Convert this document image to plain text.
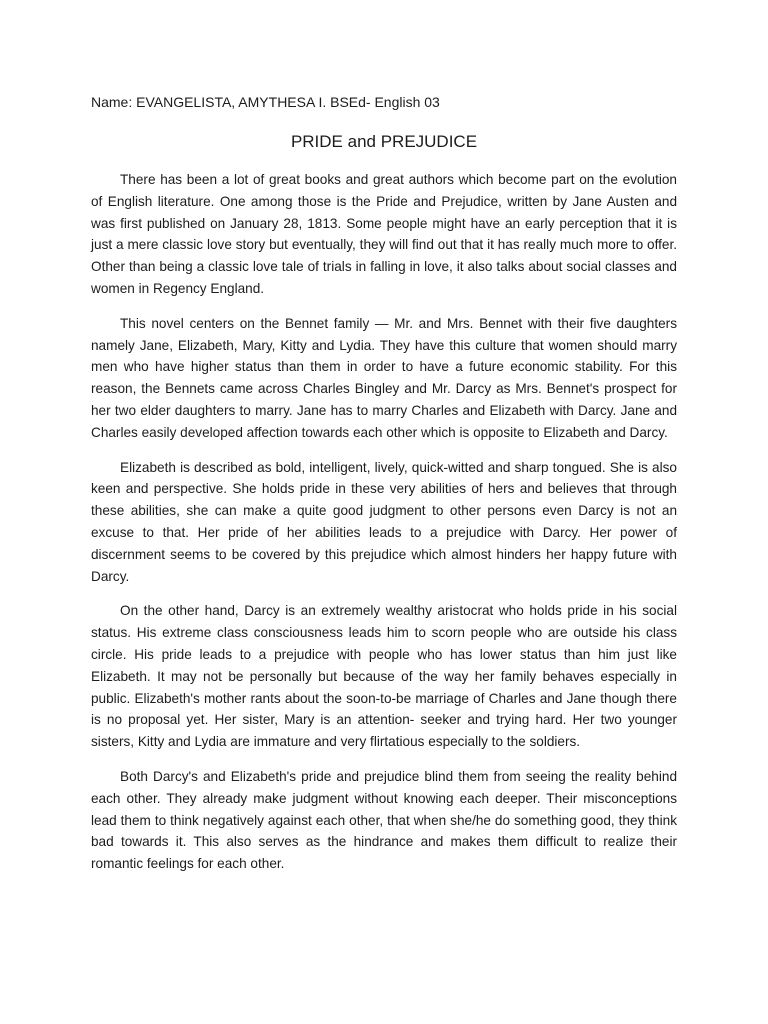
Name: EVANGELISTA, AMYTHESA I. BSEd- English 03
PRIDE and PREJUDICE

There has been a lot of great books and great authors which become part on the evolution of English literature. One among those is the Pride and Prejudice, written by Jane Austen and was first published on January 28, 1813. Some people might have an early perception that it is just a mere classic love story but eventually, they will find out that it has really much more to offer. Other than being a classic love tale of trials in falling in love, it also talks about social classes and women in Regency England.

This novel centers on the Bennet family — Mr. and Mrs. Bennet with their five daughters namely Jane, Elizabeth, Mary, Kitty and Lydia. They have this culture that women should marry men who have higher status than them in order to have a future economic stability. For this reason, the Bennets came across Charles Bingley and Mr. Darcy as Mrs. Bennet's prospect for her two elder daughters to marry. Jane has to marry Charles and Elizabeth with Darcy. Jane and Charles easily developed affection towards each other which is opposite to Elizabeth and Darcy.

Elizabeth is described as bold, intelligent, lively, quick-witted and sharp tongued. She is also keen and perspective. She holds pride in these very abilities of hers and believes that through these abilities, she can make a quite good judgment to other persons even Darcy is not an excuse to that. Her pride of her abilities leads to a prejudice with Darcy. Her power of discernment seems to be covered by this prejudice which almost hinders her happy future with Darcy.

On the other hand, Darcy is an extremely wealthy aristocrat who holds pride in his social status. His extreme class consciousness leads him to scorn people who are outside his class circle. His pride leads to a prejudice with people who has lower status than him just like Elizabeth. It may not be personally but because of the way her family behaves especially in public. Elizabeth's mother rants about the soon-to-be marriage of Charles and Jane though there is no proposal yet. Her sister, Mary is an attention- seeker and trying hard. Her two younger sisters, Kitty and Lydia are immature and very flirtatious especially to the soldiers.

Both Darcy's and Elizabeth's pride and prejudice blind them from seeing the reality behind each other. They already make judgment without knowing each deeper. Their misconceptions lead them to think negatively against each other, that when she/he do something good, they think bad towards it. This also serves as the hindrance and makes them difficult to realize their romantic feelings for each other.
